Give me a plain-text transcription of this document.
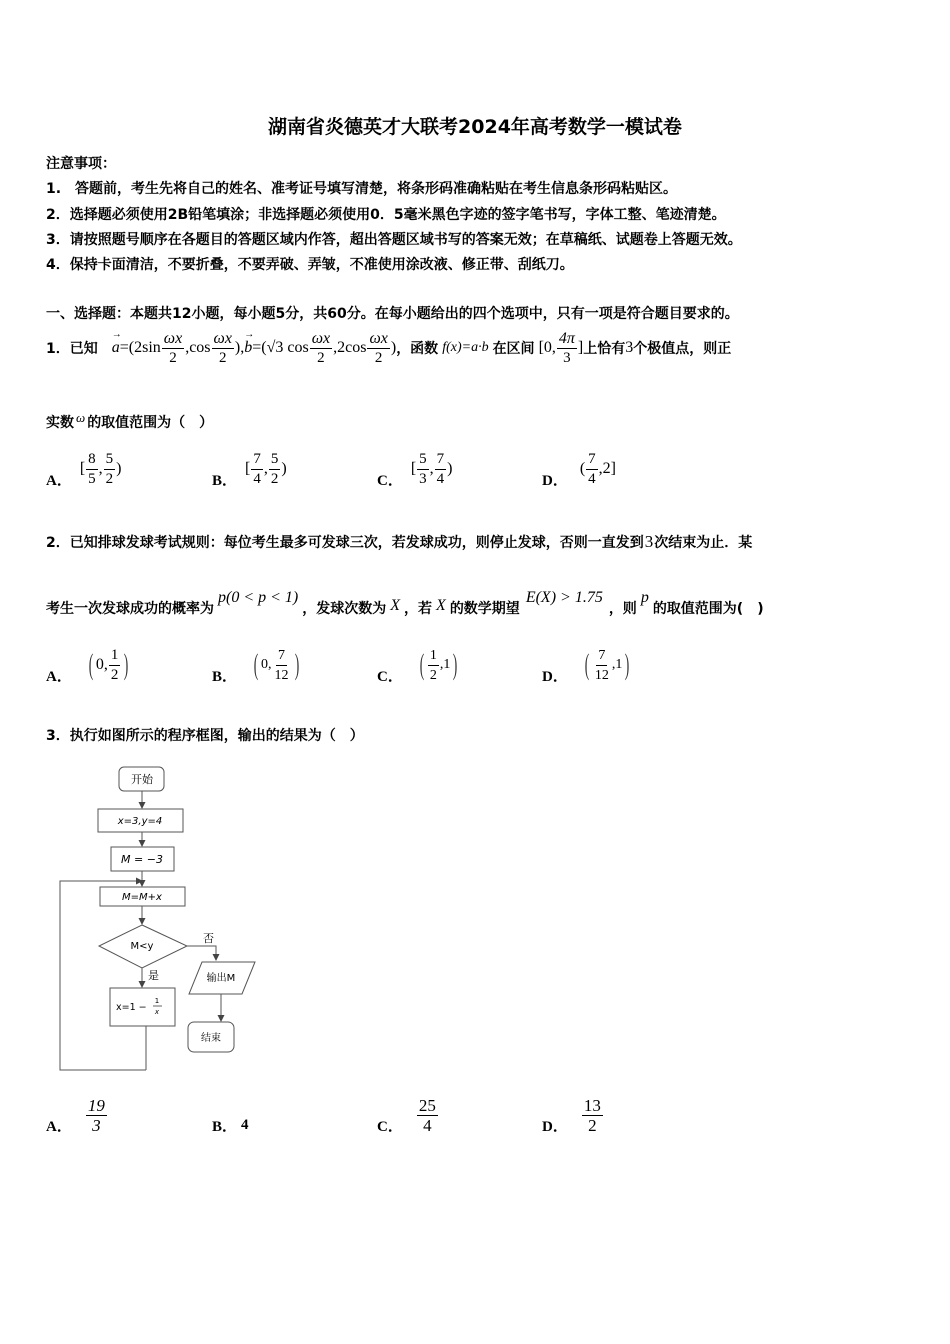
湖南省炎德英才大联考2024年高考数学一模试卷
注意事项：
1.　答题前，考生先将自己的姓名、准考证号填写清楚，将条形码准确粘贴在考生信息条形码粘贴区。
2．选择题必须使用2B铅笔填涂；非选择题必须使用0．5毫米黑色字迹的签字笔书写，字体工整、笔迹清楚。
3．请按照题号顺序在各题目的答题区域内作答，超出答题区域书写的答案无效；在草稿纸、试题卷上答题无效。
4．保持卡面清洁，不要折叠，不要弄破、弄皱，不准使用涂改液、修正带、刮纸刀。
一、选择题：本题共12小题，每小题5分，共60分。在每小题给出的四个选项中，只有一项是符合题目要求的。
1．已知 a
→
$=(2\sin \frac{\omega x}{2} ,\cos \frac{\omega x}{2}$ ), b
→
=(√3 $\cos \frac{\omega x}{2} ,2\cos \frac{\omega x}{2}$ ) ，函数 f(x)=a·b 在区间 [0, $\frac{4\pi}{3}$ ] 上恰有 3 个极值点，则正
实数 ω 的取值范围为（　）
A．
[ $\frac{8}{5}$ , $\frac{5}{2}$ )
B．
[ $\frac{7}{4}$ , $\frac{5}{2}$ )
C．
[ $\frac{5}{3}$ , $\frac{7}{4}$ )
D．
( $\frac{7}{4} ,2$]
2．已知排球发球考试规则：每位考生最多可发球三次，若发球成功，则停止发球，否则一直发到 3 次结束为止．某
考生一次发球成功的概率为
p(0 < p < 1)
，发球次数为 X ，若 X 的数学期望
E(X) > 1.75
，则
p
的取值范围为(　)
A． ( 0, $\frac{1}{2}$ )	B． ( 0, $\frac{7}{12}$ )	C． ( $\frac{1}{2} ,1$ )	D． ( $\frac{7}{12} ,1$ )
3．执行如图所示的程序框图，输出的结果为（　）
开始
x=3,y=4
M = −3
M=M+x
M<y
否
是	输出M
x=1 −
1
x
结束
A． $\frac{19}{3}$	B． 4	C． $\frac{25}{4}$	D． $\frac{13}{2}$
